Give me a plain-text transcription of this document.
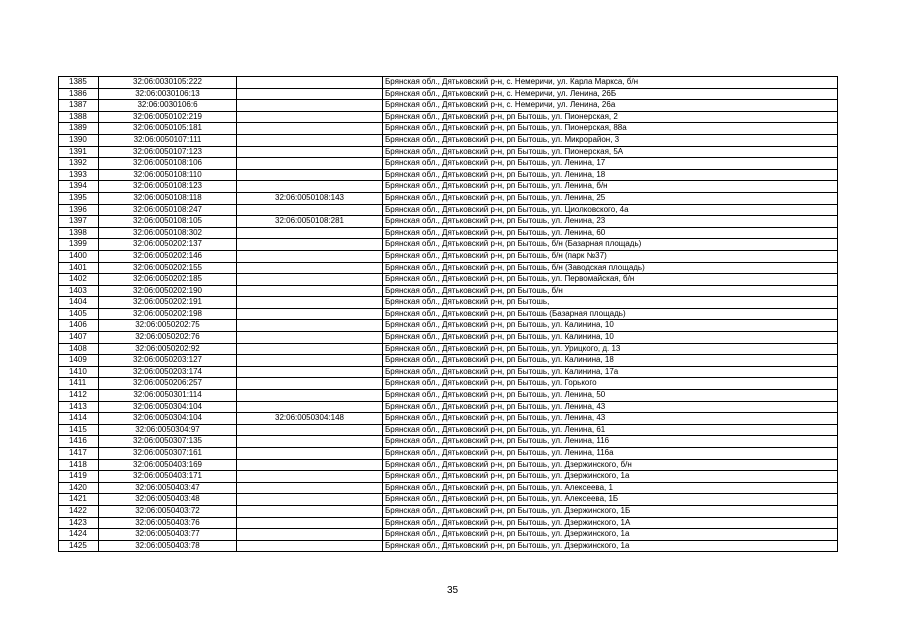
1385	32:06:0030105:222		Брянская обл., Дятьковский р-н, с. Немеричи, ул. Карла Маркса, б/н
1386	32:06:0030106:13		Брянская обл., Дятьковский р-н, с. Немеричи, ул. Ленина, 26Б
1387	32:06:0030106:6		Брянская обл., Дятьковский р-н, с. Немеричи, ул. Ленина, 26а
1388	32:06:0050102:219		Брянская обл., Дятьковский р-н, рп Бытошь, ул. Пионерская, 2
1389	32:06:0050105:181		Брянская обл., Дятьковский р-н, рп Бытошь, ул. Пионерская, 88а
1390	32:06:0050107:111		Брянская обл., Дятьковский р-н, рп Бытошь, ул. Микрорайон, 3
1391	32:06:0050107:123		Брянская обл., Дятьковский р-н, рп Бытошь, ул. Пионерская, 5А
1392	32:06:0050108:106		Брянская обл., Дятьковский р-н, рп Бытошь, ул. Ленина, 17
1393	32:06:0050108:110		Брянская обл., Дятьковский р-н, рп Бытошь, ул. Ленина, 18
1394	32:06:0050108:123		Брянская обл., Дятьковский р-н, рп Бытошь, ул. Ленина, б/н
1395	32:06:0050108:118	32:06:0050108:143	Брянская обл., Дятьковский р-н, рп Бытошь, ул. Ленина, 25
1396	32:06:0050108:247		Брянская обл., Дятьковский р-н, рп Бытошь, ул. Циолковского, 4а
1397	32:06:0050108:105	32:06:0050108:281	Брянская обл., Дятьковский р-н, рп Бытошь, ул. Ленина, 23
1398	32:06:0050108:302		Брянская обл., Дятьковский р-н, рп Бытошь, ул. Ленина, 60
1399	32:06:0050202:137		Брянская обл., Дятьковский р-н, рп Бытошь, б/н (Базарная площадь)
1400	32:06:0050202:146		Брянская обл., Дятьковский р-н, рп Бытошь, б/н (парк №37)
1401	32:06:0050202:155		Брянская обл., Дятьковский р-н, рп Бытошь, б/н (Заводская площадь)
1402	32:06:0050202:185		Брянская обл., Дятьковский р-н, рп Бытошь, ул. Первомайская, б/н
1403	32:06:0050202:190		Брянская обл., Дятьковский р-н, рп Бытошь, б/н
1404	32:06:0050202:191		Брянская обл., Дятьковский р-н, рп Бытошь,
1405	32:06:0050202:198		Брянская обл., Дятьковский р-н, рп Бытошь (Базарная площадь)
1406	32:06:0050202:75		Брянская обл., Дятьковский р-н, рп Бытошь, ул. Калинина, 10
1407	32:06:0050202:76		Брянская обл., Дятьковский р-н, рп Бытошь, ул. Калинина, 10
1408	32:06:0050202:92		Брянская обл., Дятьковский р-н, рп Бытошь, ул. Урицкого, д. 13
1409	32:06:0050203:127		Брянская обл., Дятьковский р-н, рп Бытошь, ул. Калинина, 18
1410	32:06:0050203:174		Брянская обл., Дятьковский р-н, рп Бытошь, ул. Калинина, 17а
1411	32:06:0050206:257		Брянская обл., Дятьковский р-н, рп Бытошь, ул. Горького
1412	32:06:0050301:114		Брянская обл., Дятьковский р-н, рп Бытошь, ул. Ленина, 50
1413	32:06:0050304:104		Брянская обл., Дятьковский р-н, рп Бытошь, ул. Ленина, 43
1414	32:06:0050304:104	32:06:0050304:148	Брянская обл., Дятьковский р-н, рп Бытошь, ул. Ленина, 43
1415	32:06:0050304:97		Брянская обл., Дятьковский р-н, рп Бытошь, ул. Ленина, 61
1416	32:06:0050307:135		Брянская обл., Дятьковский р-н, рп Бытошь, ул. Ленина, 116
1417	32:06:0050307:161		Брянская обл., Дятьковский р-н, рп Бытошь, ул. Ленина, 116а
1418	32:06:0050403:169		Брянская обл., Дятьковский р-н, рп Бытошь, ул. Дзержинского, б/н
1419	32:06:0050403:171		Брянская обл., Дятьковский р-н, рп Бытошь, ул. Дзержинского, 1а
1420	32:06:0050403:47		Брянская обл., Дятьковский р-н, рп Бытошь, ул. Алексеева, 1
1421	32:06:0050403:48		Брянская обл., Дятьковский р-н, рп Бытошь, ул. Алексеева, 1Б
1422	32:06:0050403:72		Брянская обл., Дятьковский р-н, рп Бытошь, ул. Дзержинского, 1Б
1423	32:06:0050403:76		Брянская обл., Дятьковский р-н, рп Бытошь, ул. Дзержинского, 1А
1424	32:06:0050403:77		Брянская обл., Дятьковский р-н, рп Бытошь, ул. Дзержинского, 1а
1425	32:06:0050403:78		Брянская обл., Дятьковский р-н, рп Бытошь, ул. Дзержинского, 1а
35
